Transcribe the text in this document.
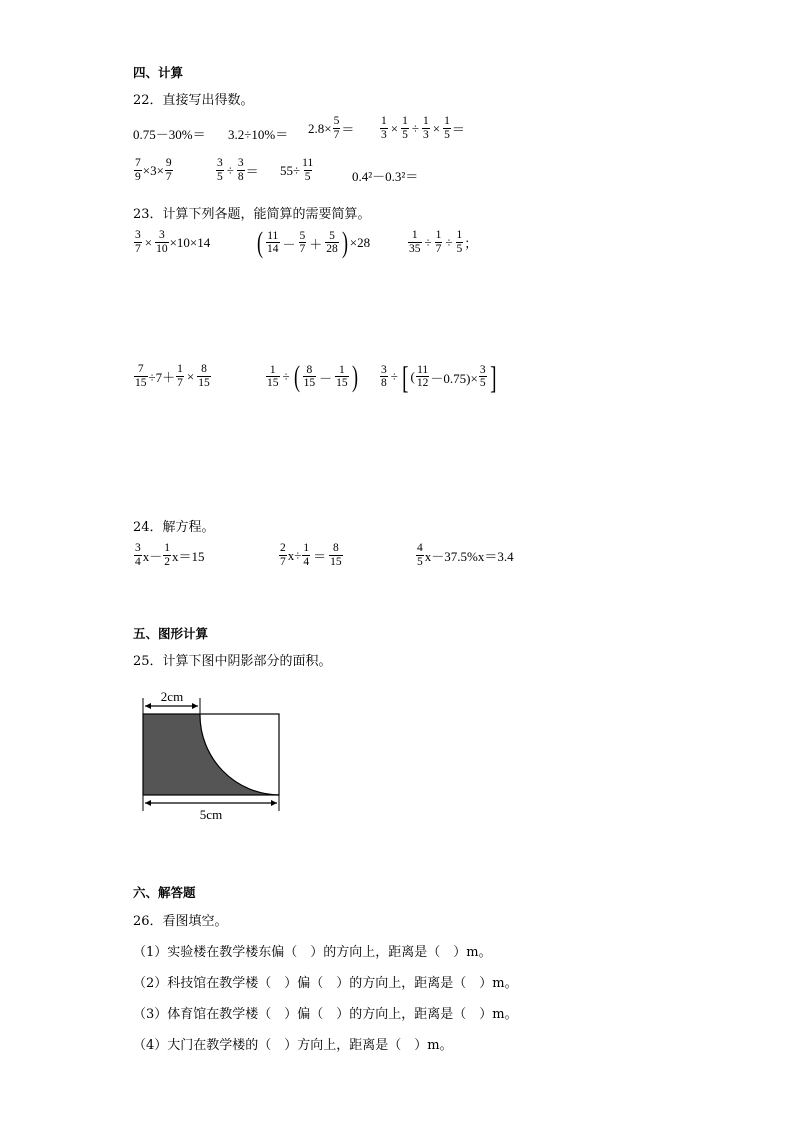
四、计算
22．直接写出得数。
$0.75-30\%= 3.2\div 10\%= 2.8\times \frac{5}{7} = \frac{1}{3} \times \frac{1}{5} \div \frac{1}{3} \times \frac{1}{5}$ ＝
$\frac{7}{9} \times 3\times \frac{9}{7}$	$\frac{3}{5} \div \frac{3}{8} = 55\div \frac{11}{5}$	0.4²－0.3²＝
23．计算下列各题，能简算的需要简算。
$\frac{3}{7} \times \frac{3}{10} \times 10\times 14$ ( $\frac{11}{14} - \frac{5}{7} + \frac{5}{28}$ ) ×28	$\frac{1}{35} \div \frac{1}{7} \div \frac{1}{5}$ ；
$\frac{7}{15} \div 7+ \frac{1}{7} \times \frac{8}{15}$	$\frac{1}{15}$ ÷ ( $\frac{8}{15} - \frac{1}{15}$ ) $\frac{3}{8}$ ÷ [ ( $\frac{11}{12} -0.75)\times \frac{3}{5}$ ]
24．解方程。
$\frac{3}{4} x- \frac{1}{2} x=15$	$\frac{2}{7} x\div \frac{1}{4} = \frac{8}{15}$	$\frac{4}{5} x-37.5\%x=3.4$
五、图形计算
25．计算下图中阴影部分的面积。
2cm
5cm
六、解答题
26．看图填空。
（1）实验楼在教学楼东偏（　）的方向上，距离是（　）m。
（2）科技馆在教学楼（　）偏（　）的方向上，距离是（　）m。
（3）体育馆在教学楼（　）偏（　）的方向上，距离是（　）m。
（4）大门在教学楼的（　）方向上，距离是（　）m。
